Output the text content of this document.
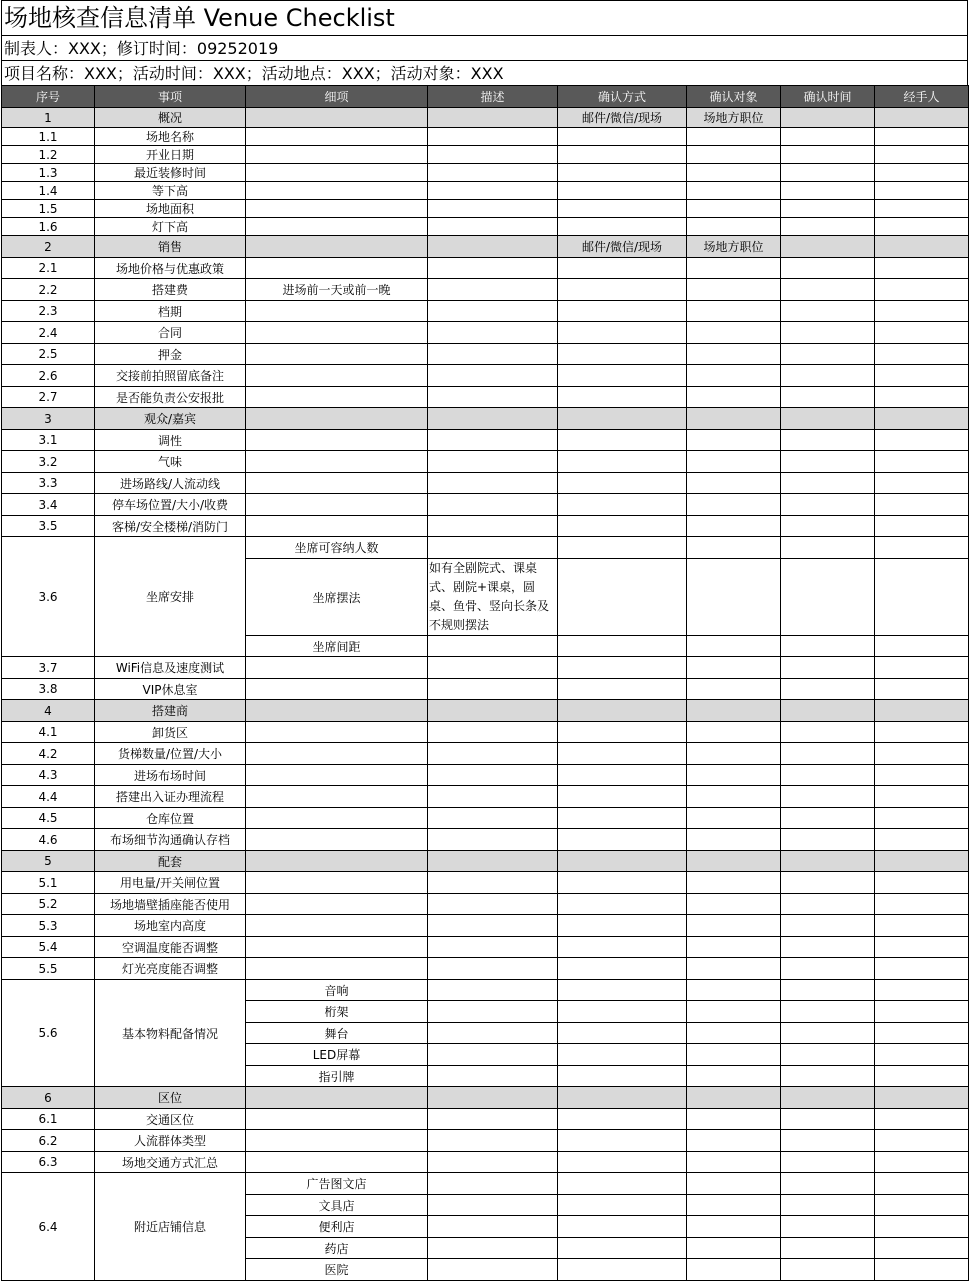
场地核查信息清单 Venue Checklist
制表人：XXX；修订时间：09252019
项目名称：XXX；活动时间：XXX；活动地点：XXX；活动对象：XXX
序号	事项	细项	描述	确认方式	确认对象	确认时间	经手人
1	概况			邮件/微信/现场	场地方职位		
1.1	场地名称						
1.2	开业日期						
1.3	最近装修时间						
1.4	等下高						
1.5	场地面积						
1.6	灯下高						
2	销售			邮件/微信/现场	场地方职位		
2.1	场地价格与优惠政策						
2.2	搭建费	进场前一天或前一晚					
2.3	档期						
2.4	合同						
2.5	押金						
2.6	交接前拍照留底备注						
2.7	是否能负责公安报批						
3	观众/嘉宾						
3.1	调性						
3.2	气味						
3.3	进场路线/人流动线						
3.4	停车场位置/大小/收费						
3.5	客梯/安全楼梯/消防门						
3.6	坐席安排	坐席可容纳人数					
		坐席摆法	如有全剧院式、课桌式、剧院+课桌，圆桌、鱼骨、竖向长条及不规则摆法				
		坐席间距					
3.7	WiFi信息及速度测试						
3.8	VIP休息室						
4	搭建商						
4.1	卸货区						
4.2	货梯数量/位置/大小						
4.3	进场布场时间						
4.4	搭建出入证办理流程						
4.5	仓库位置						
4.6	布场细节沟通确认存档						
5	配套						
5.1	用电量/开关闸位置						
5.2	场地墙壁插座能否使用						
5.3	场地室内高度						
5.4	空调温度能否调整						
5.5	灯光亮度能否调整						
5.6	基本物料配备情况	音响					
		桁架					
		舞台					
		LED屏幕					
		指引牌					
6	区位						
6.1	交通区位						
6.2	人流群体类型						
6.3	场地交通方式汇总						
6.4	附近店铺信息	广告图文店					
		文具店					
		便利店					
		药店					
		医院					
